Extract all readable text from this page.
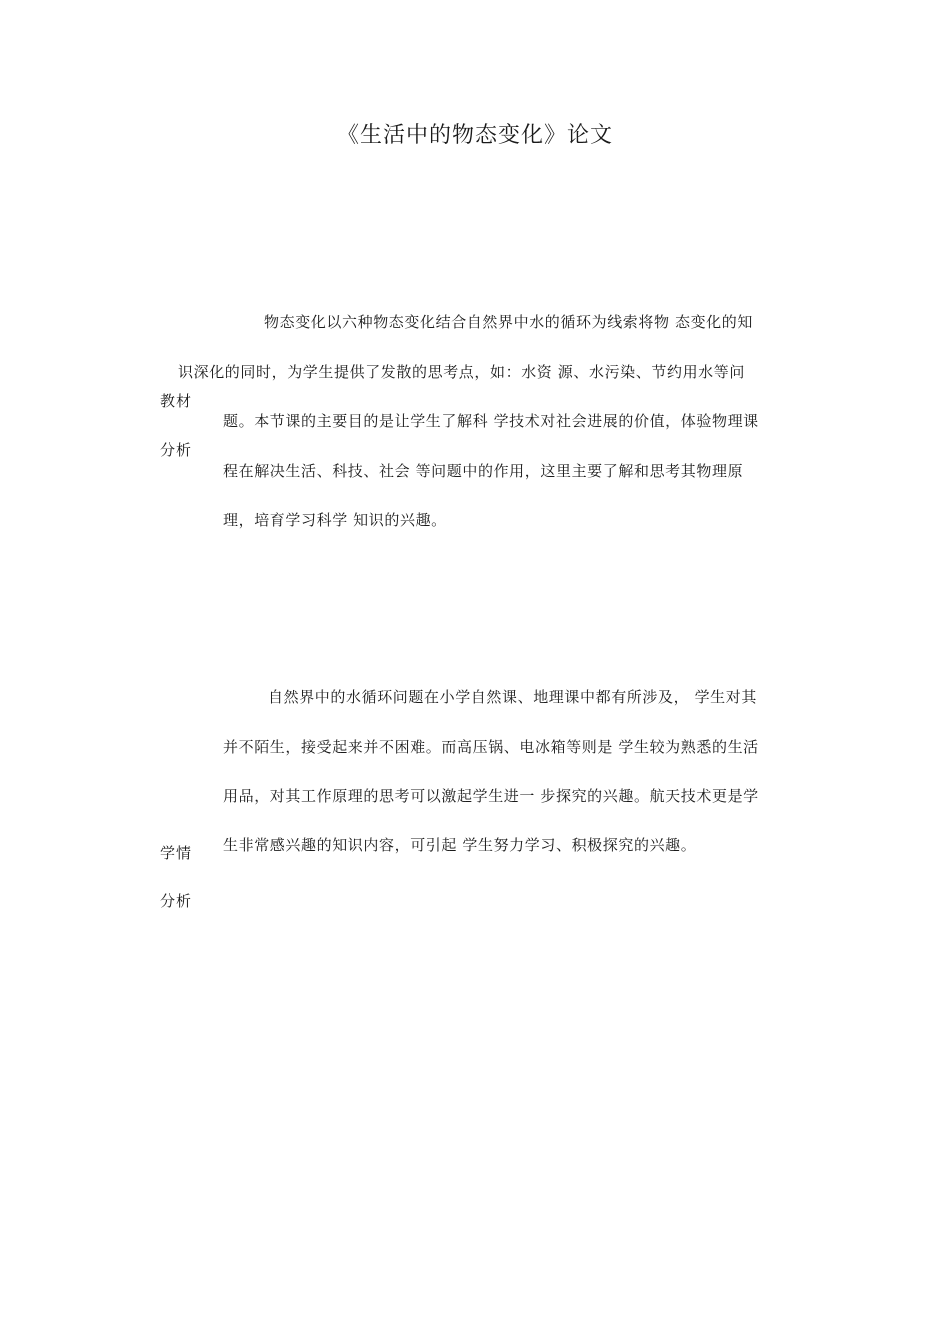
《生活中的物态变化》论文
教材
分析
物态变化以六种物态变化结合自然界中水的循环为线索将物 态变化的知
识深化的同时，为学生提供了发散的思考点，如：水资 源、水污染、节约用水等问
题。本节课的主要目的是让学生了解科 学技术对社会进展的价值，体验物理课
程在解决生活、科技、社会 等问题中的作用，这里主要了解和思考其物理原
理，培育学习科学 知识的兴趣。
学情
分析
自然界中的水循环问题在小学自然课、地理课中都有所涉及， 学生对其
并不陌生，接受起来并不困难。而高压锅、电冰箱等则是 学生较为熟悉的生活
用品，对其工作原理的思考可以激起学生进一 步探究的兴趣。航天技术更是学
生非常感兴趣的知识内容，可引起 学生努力学习、积极探究的兴趣。
